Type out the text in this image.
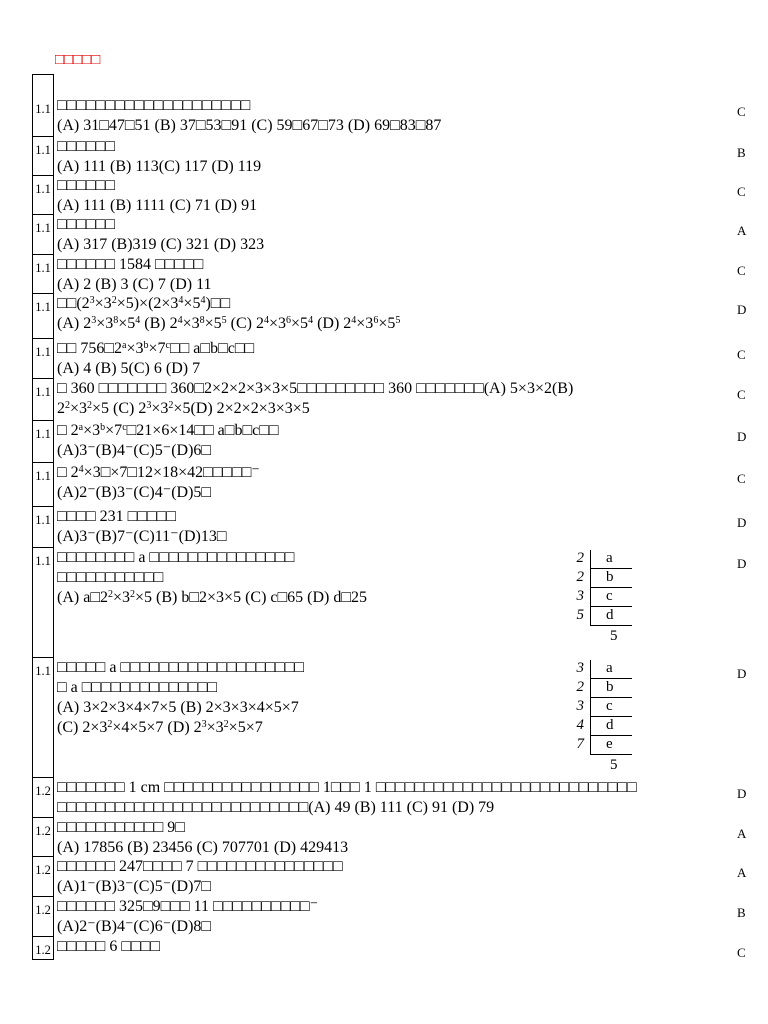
□□□□□
1.1 □□□□□□□□□□□□□□□□□□□□
(A) 31□47□51 (B) 37□53□91 (C) 59□67□73 (D) 69□83□87
C
1.1 □□□□□□
(A) 111 (B) 113(C) 117 (D) 119
B
1.1 □□□□□□
(A) 111 (B) 1111 (C) 71 (D) 91
C
1.1 □□□□□□
(A) 317 (B)319 (C) 321 (D) 323
A
1.1 □□□□□□ 1584 □□□□□
(A) 2 (B) 3 (C) 7 (D) 11
C
1.1 $□□(2^3\times 3^2\times 5)\times(2\times 3^4\times 5^4)□□$
(A) $2^3\times 3^8\times 5^4$ (B) $2^4\times 3^8\times 5^5$ (C) $2^4\times 3^6\times 5^4$ (D) $2^4\times 3^6\times 5^5$
D
1.1 □□ $756□2^a\times 3^b\times 7^c□□$ a□b□c□□
(A) 4 (B) 5(C) 6 (D) 7
C
1.1 □ 360 □□□□□□□ 360□2×2×2×3×3×5□□□□□□□□□ 360 □□□□□□□(A) 5×3×2(B)
$2^2\times 3^2\times 5$ (C) $2^3\times 3^2\times 5(D)$ 2×2×2×3×3×5
C
1.1 □ $2^a\times 3^b\times 7^c□21\times 6\times 14□□$ a□b□c□□
(A)3⁻(B)4⁻(C)5⁻(D)6□
D
1.1 □ $2^4\times 3□\times 7□12\times 18\times 42□□□□□^-$
(A)2⁻(B)3⁻(C)4⁻(D)5□
C
1.1 □□□□ 231 □□□□□
(A)3⁻(B)7⁻(C)11⁻(D)13□
D
1.1 □□□□□□□□ a □□□□□□□□□□□□□□□
□□□□□□□□□□□
(A) $a□2^2\times 3^2\times 5$ (B) b□2×3×5 (C) c□65 (D) d□25
D
2 a
2 b
3 c
5 d
5
1.1 □□□□□ a □□□□□□□□□□□□□□□□□□□
□ a □□□□□□□□□□□□□□
(A) 3×2×3×4×7×5 (B) 2×3×3×4×5×7
(C) $2\times 3^2\times 4\times 5\times 7$ (D) $2^3\times 3^2\times 5\times 7$
D
3 a
2 b
3 c
4 d
7 e
5
1.2 □□□□□□□ 1 cm □□□□□□□□□□□□□□□□ 1□□□ 1 □□□□□□□□□□□□□□□□□□□□□□□□□□□
□□□□□□□□□□□□□□□□□□□□□□□□□□(A) 49 (B) 111 (C) 91 (D) 79
D
1.2 □□□□□□□□□□□ 9□
(A) 17856 (B) 23456 (C) 707701 (D) 429413
A
1.2 □□□□□□ 247□□□□ 7 □□□□□□□□□□□□□□□
(A)1⁻(B)3⁻(C)5⁻(D)7□
A
1.2 □□□□□□ 325□9□□□ 11 □□□□□□□□□□⁻
(A)2⁻(B)4⁻(C)6⁻(D)8□
B
1.2 □□□□□ 6 □□□□	C
